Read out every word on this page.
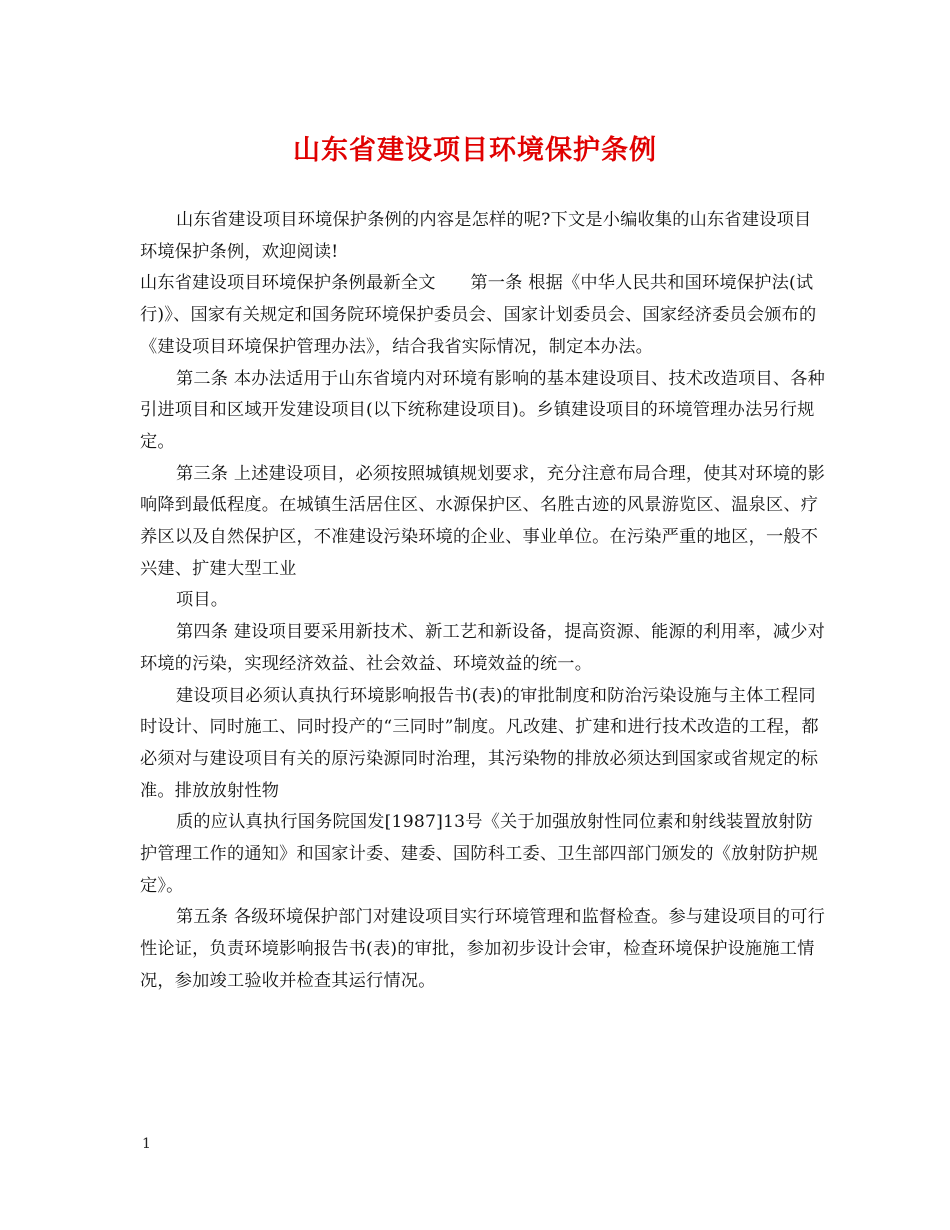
山东省建设项目环境保护条例

山东省建设项目环境保护条例的内容是怎样的呢?下文是小编收集的山东省建设项目环境保护条例，欢迎阅读!

山东省建设项目环境保护条例最新全文　　第一条 根据《中华人民共和国环境保护法(试行)》、国家有关规定和国务院环境保护委员会、国家计划委员会、国家经济委员会颁布的《建设项目环境保护管理办法》，结合我省实际情况，制定本办法。

第二条 本办法适用于山东省境内对环境有影响的基本建设项目、技术改造项目、各种引进项目和区域开发建设项目(以下统称建设项目)。乡镇建设项目的环境管理办法另行规定。

第三条 上述建设项目，必须按照城镇规划要求，充分注意布局合理，使其对环境的影响降到最低程度。在城镇生活居住区、水源保护区、名胜古迹的风景游览区、温泉区、疗养区以及自然保护区，不准建设污染环境的企业、事业单位。在污染严重的地区，一般不兴建、扩建大型工业

项目。

第四条 建设项目要采用新技术、新工艺和新设备，提高资源、能源的利用率，减少对环境的污染，实现经济效益、社会效益、环境效益的统一。

建设项目必须认真执行环境影响报告书(表)的审批制度和防治污染设施与主体工程同时设计、同时施工、同时投产的“三同时”制度。凡改建、扩建和进行技术改造的工程，都必须对与建设项目有关的原污染源同时治理，其污染物的排放必须达到国家或省规定的标准。排放放射性物

质的应认真执行国务院国发[1987]13号《关于加强放射性同位素和射线装置放射防护管理工作的通知》和国家计委、建委、国防科工委、卫生部四部门颁发的《放射防护规定》。

第五条 各级环境保护部门对建设项目实行环境管理和监督检查。参与建设项目的可行性论证，负责环境影响报告书(表)的审批，参加初步设计会审，检查环境保护设施施工情况，参加竣工验收并检查其运行情况。

1
